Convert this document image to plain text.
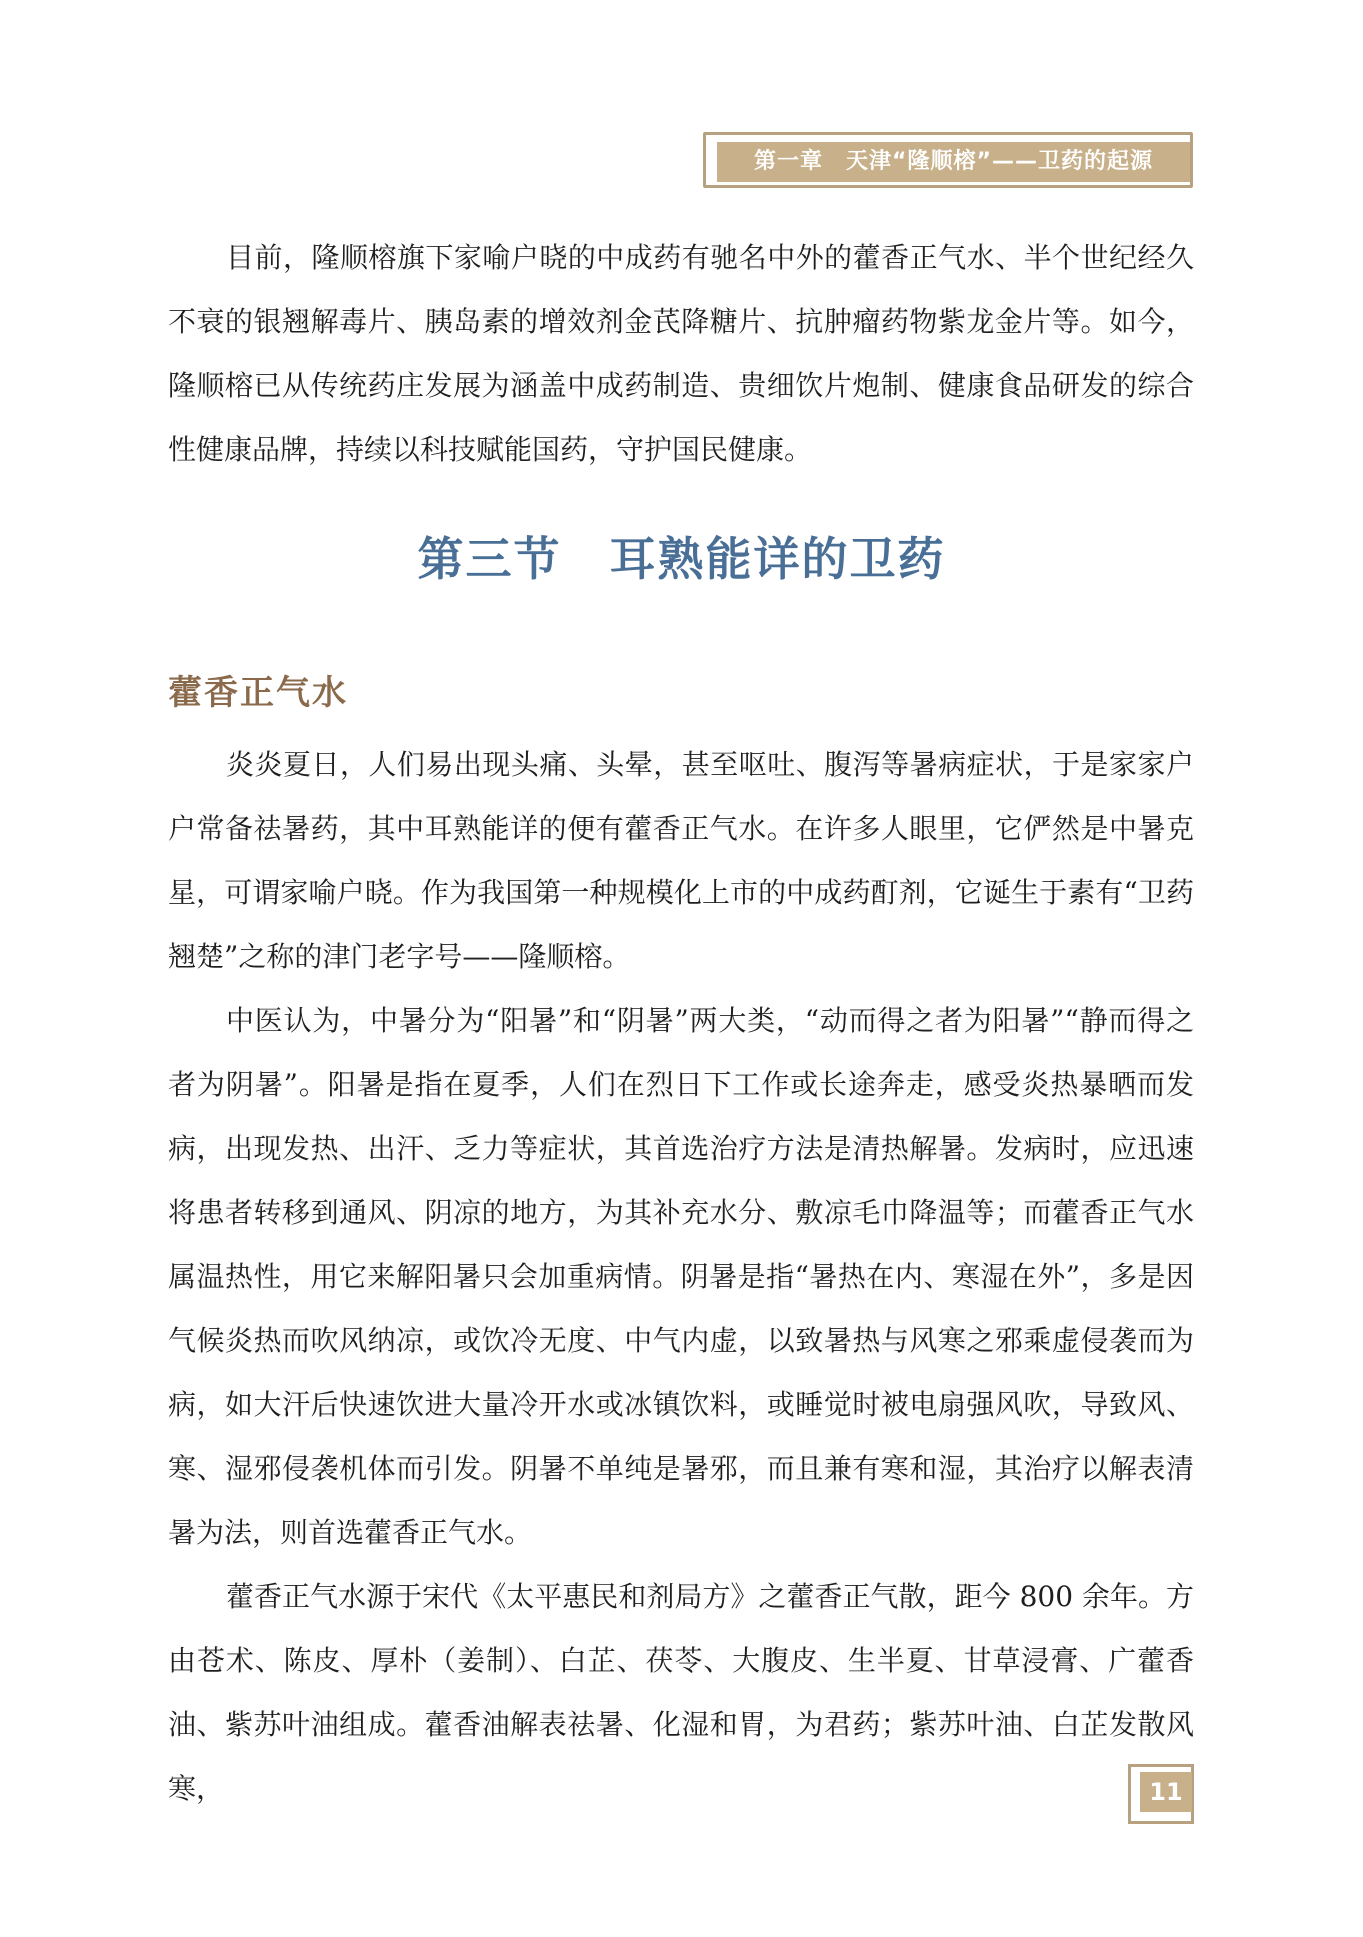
第一章　天津“隆顺榕”——卫药的起源

目前，隆顺榕旗下家喻户晓的中成药有驰名中外的藿香正气水、半个世纪经久不衰的银翘解毒片、胰岛素的增效剂金芪降糖片、抗肿瘤药物紫龙金片等。如今，隆顺榕已从传统药庄发展为涵盖中成药制造、贵细饮片炮制、健康食品研发的综合性健康品牌，持续以科技赋能国药，守护国民健康。

第三节　耳熟能详的卫药
藿香正气水

炎炎夏日，人们易出现头痛、头晕，甚至呕吐、腹泻等暑病症状，于是家家户户常备祛暑药，其中耳熟能详的便有藿香正气水。在许多人眼里，它俨然是中暑克星，可谓家喻户晓。作为我国第一种规模化上市的中成药酊剂，它诞生于素有“卫药翘楚”之称的津门老字号——隆顺榕。

中医认为，中暑分为“阳暑”和“阴暑”两大类，“动而得之者为阳暑”“静而得之者为阴暑”。阳暑是指在夏季，人们在烈日下工作或长途奔走，感受炎热暴晒而发病，出现发热、出汗、乏力等症状，其首选治疗方法是清热解暑。发病时，应迅速将患者转移到通风、阴凉的地方，为其补充水分、敷凉毛巾降温等；而藿香正气水属温热性，用它来解阳暑只会加重病情。阴暑是指“暑热在内、寒湿在外”，多是因气候炎热而吹风纳凉，或饮冷无度、中气内虚，以致暑热与风寒之邪乘虚侵袭而为病，如大汗后快速饮进大量冷开水或冰镇饮料，或睡觉时被电扇强风吹，导致风、寒、湿邪侵袭机体而引发。阴暑不单纯是暑邪，而且兼有寒和湿，其治疗以解表清暑为法，则首选藿香正气水。

藿香正气水源于宋代《太平惠民和剂局方》之藿香正气散，距今 800 余年。方由苍术、陈皮、厚朴（姜制）、白芷、茯苓、大腹皮、生半夏、甘草浸膏、广藿香油、紫苏叶油组成。藿香油解表祛暑、化湿和胃，为君药；紫苏叶油、白芷发散风寒，	11
